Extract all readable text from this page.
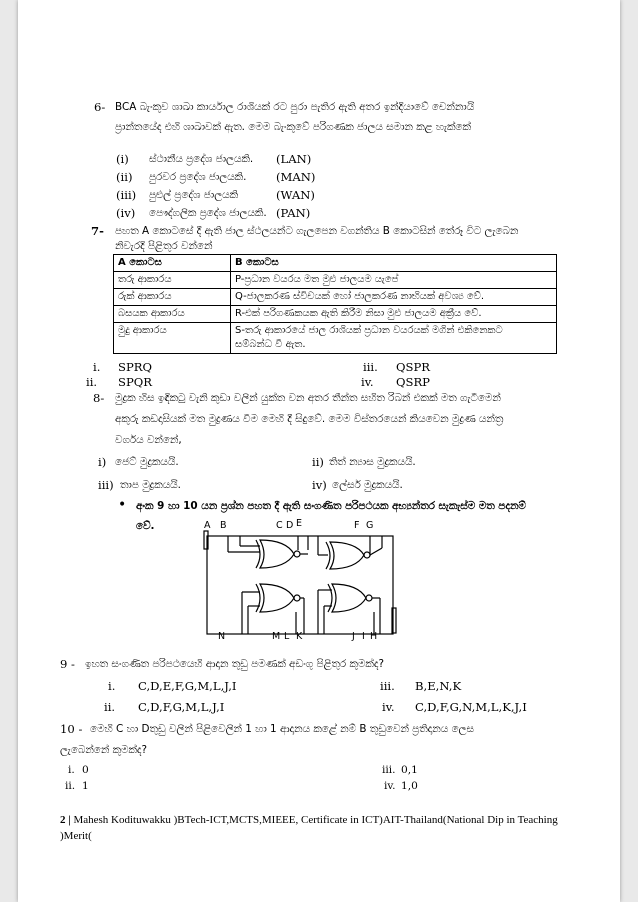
6- BCA බැංකුව ශාඛා කාර්යාල රාශියක් රට පුරා පැතිර ඇති අතර ඉන්දියාවේ චෙන්නායි
ප්‍රාන්තයේද එහි ශාඛාවක් ඇත. මෙම බැංකුවේ පරිගණක ජාලය සමාන කළ හැක්කේ
(i) ස්ථානීය ප්‍රදේශ ජාලයකි. (LAN)
(ii) පුරවර ප්‍රදේශ ජාලයකි.	(MAN)
(iii) පුළුල් ප්‍රදේශ ජාලයකි	(WAN)
(iv) පෞද්ගලික ප්‍රදේශ ජාලයකි. (PAN)
7- පහත A කොටසේ දී ඇති ජාල ස්ථලයන්ට ගැලපෙන වගන්තිය B කොටසින් තේරූ විට ලැබෙන
නිවැරදි පිළිතුර වන්නේ
A කොටස	B කොටස
තරු ආකාරය	P-ප්‍රධාන වයරය මත මුළු ජාලයම යැපේ
රුක් ආකාරය	Q-ජාලකරණ ස්විචයක් හෝ ජාලකරණ නාභියක් අවශ්‍ය වේ.
බසයක ආකාරය	R-එක් පරිගණකයක ඇති කිරීම නිසා මුළු ජාලයම අක්‍රීය වේ.
මුදු ආකාරය	S-තරු ආකාරයේ ජාල රාශියක් ප්‍රධාන වයරයක් මගින් එකිනෙකට
සම්බන්ධ වී ඇත.
i. SPRQ
ii. SPQR
iii. QSPR
iv. QSRP
8- මුද්‍රක හිස ඉඳිකටු වැනි කුඩා වලින් යුක්ත වන අතර තීන්ත සහිත රිබන් එකක් මත ගැටීමෙන්
අකුරු කඩදාසියක් මත මුද්‍රණය වීම මෙහි දී සිදුවේ. මෙම විස්තරයෙන් කියවෙන මුද්‍රණ යන්ත්‍ර
වර්ගය වන්නේ,
i) ජෙට් මුද්‍රකයයි.	ii) තිත් න්‍යාස මුද්‍රකයයි.
iii) තාප මුද්‍රකයයි.	iv) ලේසර් මුද්‍රකයයි.
• අංක 9 හා 10 යන ප්‍රශ්න පහත දී ඇති සංගණිත පරිපථයක අභ්‍යන්තර සැකැස්ම මත පදනම්
වේ.	A B	C D E	F G
N	M L K	J I H
9 - ඉහත සංගණිත පරිපථයෙහි ආදාන තුඩු පමණක් අඩංගු පිළිතුර කුමක්ද?
i. C,D,E,F,G,M,L,J,I
ii. C,D,F,G,M,L,J,I
iii. B,E,N,K
iv. C,D,F,G,N,M,L,K,J,I
10 - මෙහි C හා Dතුඩු වලින් පිළිවෙලින් 1 හා 1 ආදානය කළේ නම් B තුඩුවෙන් ප්‍රතිදානය ලෙස
ලැබෙන්නේ කුමක්ද?
i. 0
ii. 1
iii. 0,1
iv. 1,0
2 | Mahesh Kodituwakku )BTech-ICT,MCTS,MIEEE, Certificate in ICT)AIT-Thailand(National Dip in Teaching )Merit(
